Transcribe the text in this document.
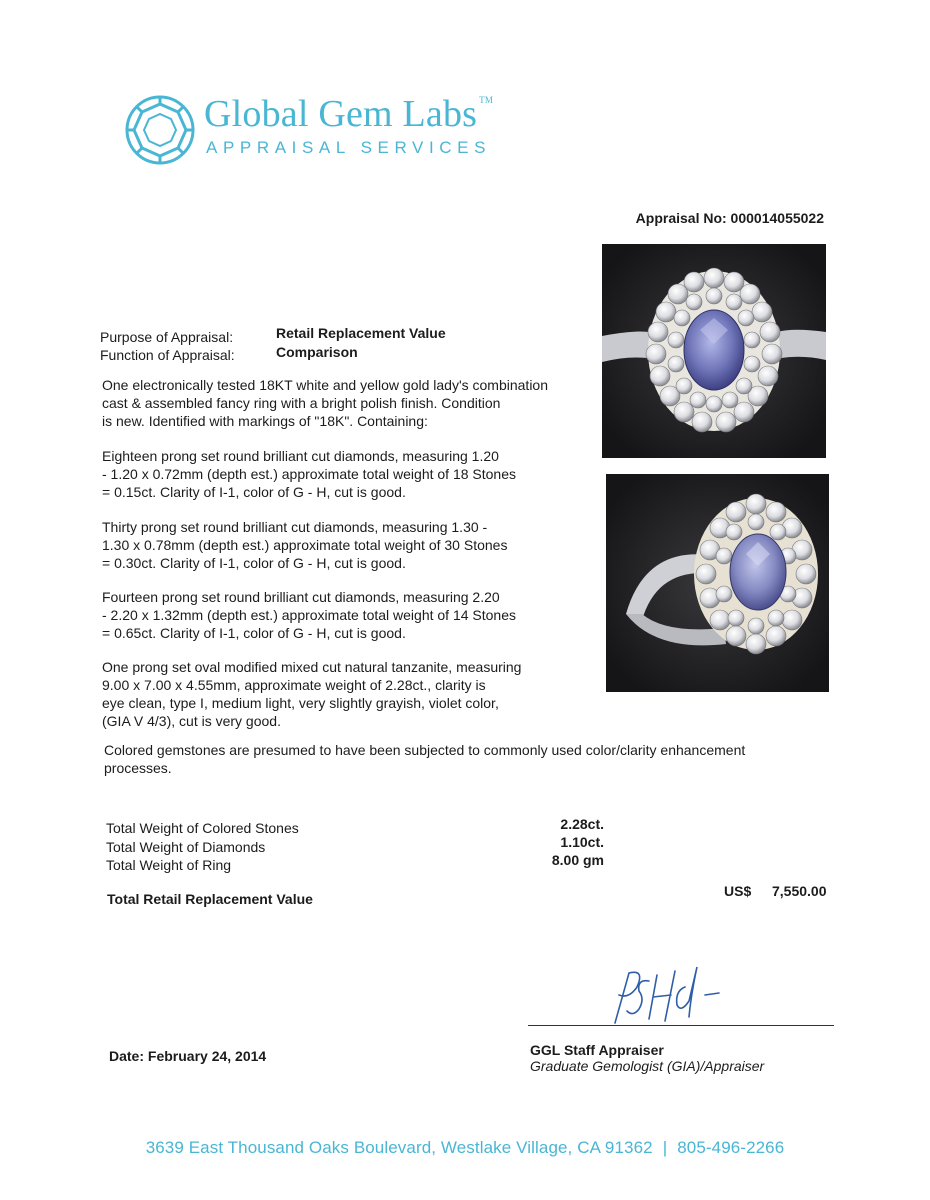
Global Gem Labs ™
APPRAISAL SERVICES
Appraisal No: 000014055022
Purpose of Appraisal:	Retail Replacement Value
Function of Appraisal:	Comparison
One electronically tested 18KT white and yellow gold lady's combination
cast & assembled fancy ring with a bright polish finish. Condition
is new. Identified with markings of "18K". Containing:
Eighteen prong set round brilliant cut diamonds, measuring 1.20
- 1.20 x 0.72mm (depth est.) approximate total weight of 18 Stones
= 0.15ct. Clarity of I-1, color of G - H, cut is good.
Thirty prong set round brilliant cut diamonds, measuring 1.30 -
1.30 x 0.78mm (depth est.) approximate total weight of 30 Stones
= 0.30ct. Clarity of I-1, color of G - H, cut is good.
Fourteen prong set round brilliant cut diamonds, measuring 2.20
- 2.20 x 1.32mm (depth est.) approximate total weight of 14 Stones
= 0.65ct. Clarity of I-1, color of G - H, cut is good.
One prong set oval modified mixed cut natural tanzanite, measuring
9.00 x 7.00 x 4.55mm, approximate weight of 2.28ct., clarity is
eye clean, type I, medium light, very slightly grayish, violet color,
(GIA V 4/3), cut is very good.
Colored gemstones are presumed to have been subjected to commonly used color/clarity enhancement
processes.
Total Weight of Colored Stones	2.28ct.
Total Weight of Diamonds	1.10ct.
Total Weight of Ring	8.00 gm
Total Retail Replacement Value	US$ 7,550.00
GGL Staff Appraiser
Graduate Gemologist (GIA)/Appraiser
Date: February 24, 2014
3639 East Thousand Oaks Boulevard, Westlake Village, CA 91362 | 805-496-2266
